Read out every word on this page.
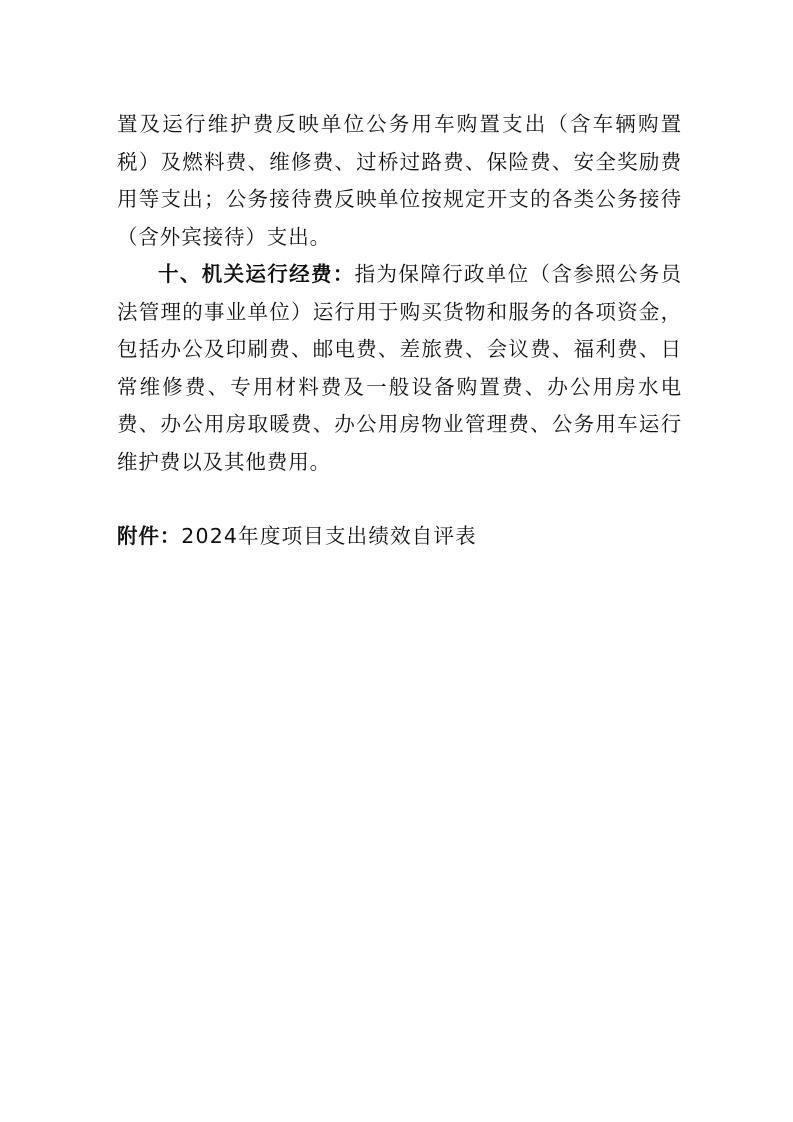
置及运行维护费反映单位公务用车购置支出（含车辆购置税）及燃料费、维修费、过桥过路费、保险费、安全奖励费用等支出；公务接待费反映单位按规定开支的各类公务接待（含外宾接待）支出。

十、机关运行经费：指为保障行政单位（含参照公务员法管理的事业单位）运行用于购买货物和服务的各项资金，包括办公及印刷费、邮电费、差旅费、会议费、福利费、日常维修费、专用材料费及一般设备购置费、办公用房水电费、办公用房取暖费、办公用房物业管理费、公务用车运行维护费以及其他费用。

附件：2024年度项目支出绩效自评表
